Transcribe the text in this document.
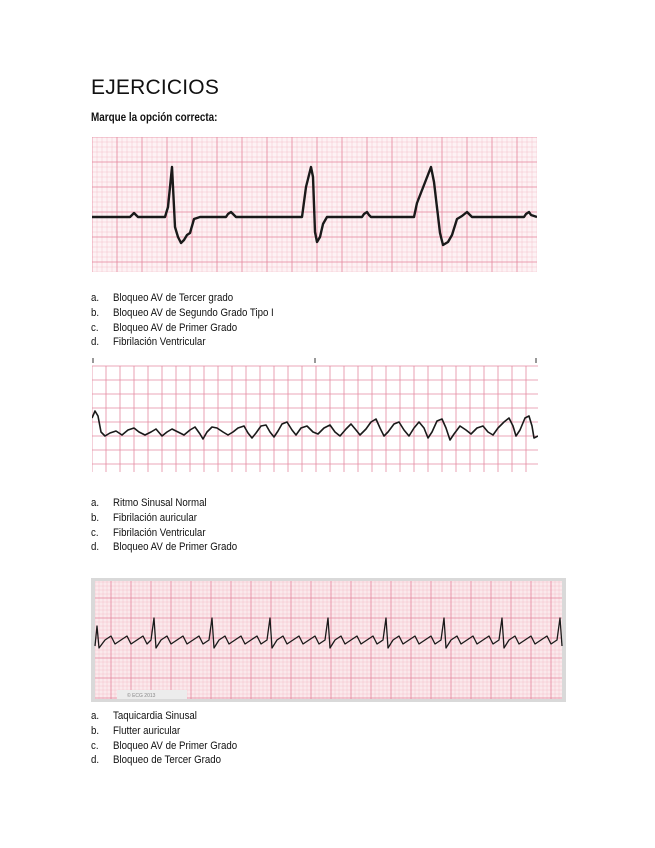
EJERCICIOS

Marque la opción correcta:

a. Bloqueo AV de Tercer grado
b. Bloqueo AV de Segundo Grado Tipo I
c. Bloqueo AV de Primer Grado
d. Fibrilación Ventricular
a. Ritmo Sinusal Normal
b. Fibrilación auricular
c. Fibrilación Ventricular
d. Bloqueo AV de Primer Grado
© ECG 2013
a. Taquicardia Sinusal
b. Flutter auricular
c. Bloqueo AV de Primer Grado
d. Bloqueo de Tercer Grado
